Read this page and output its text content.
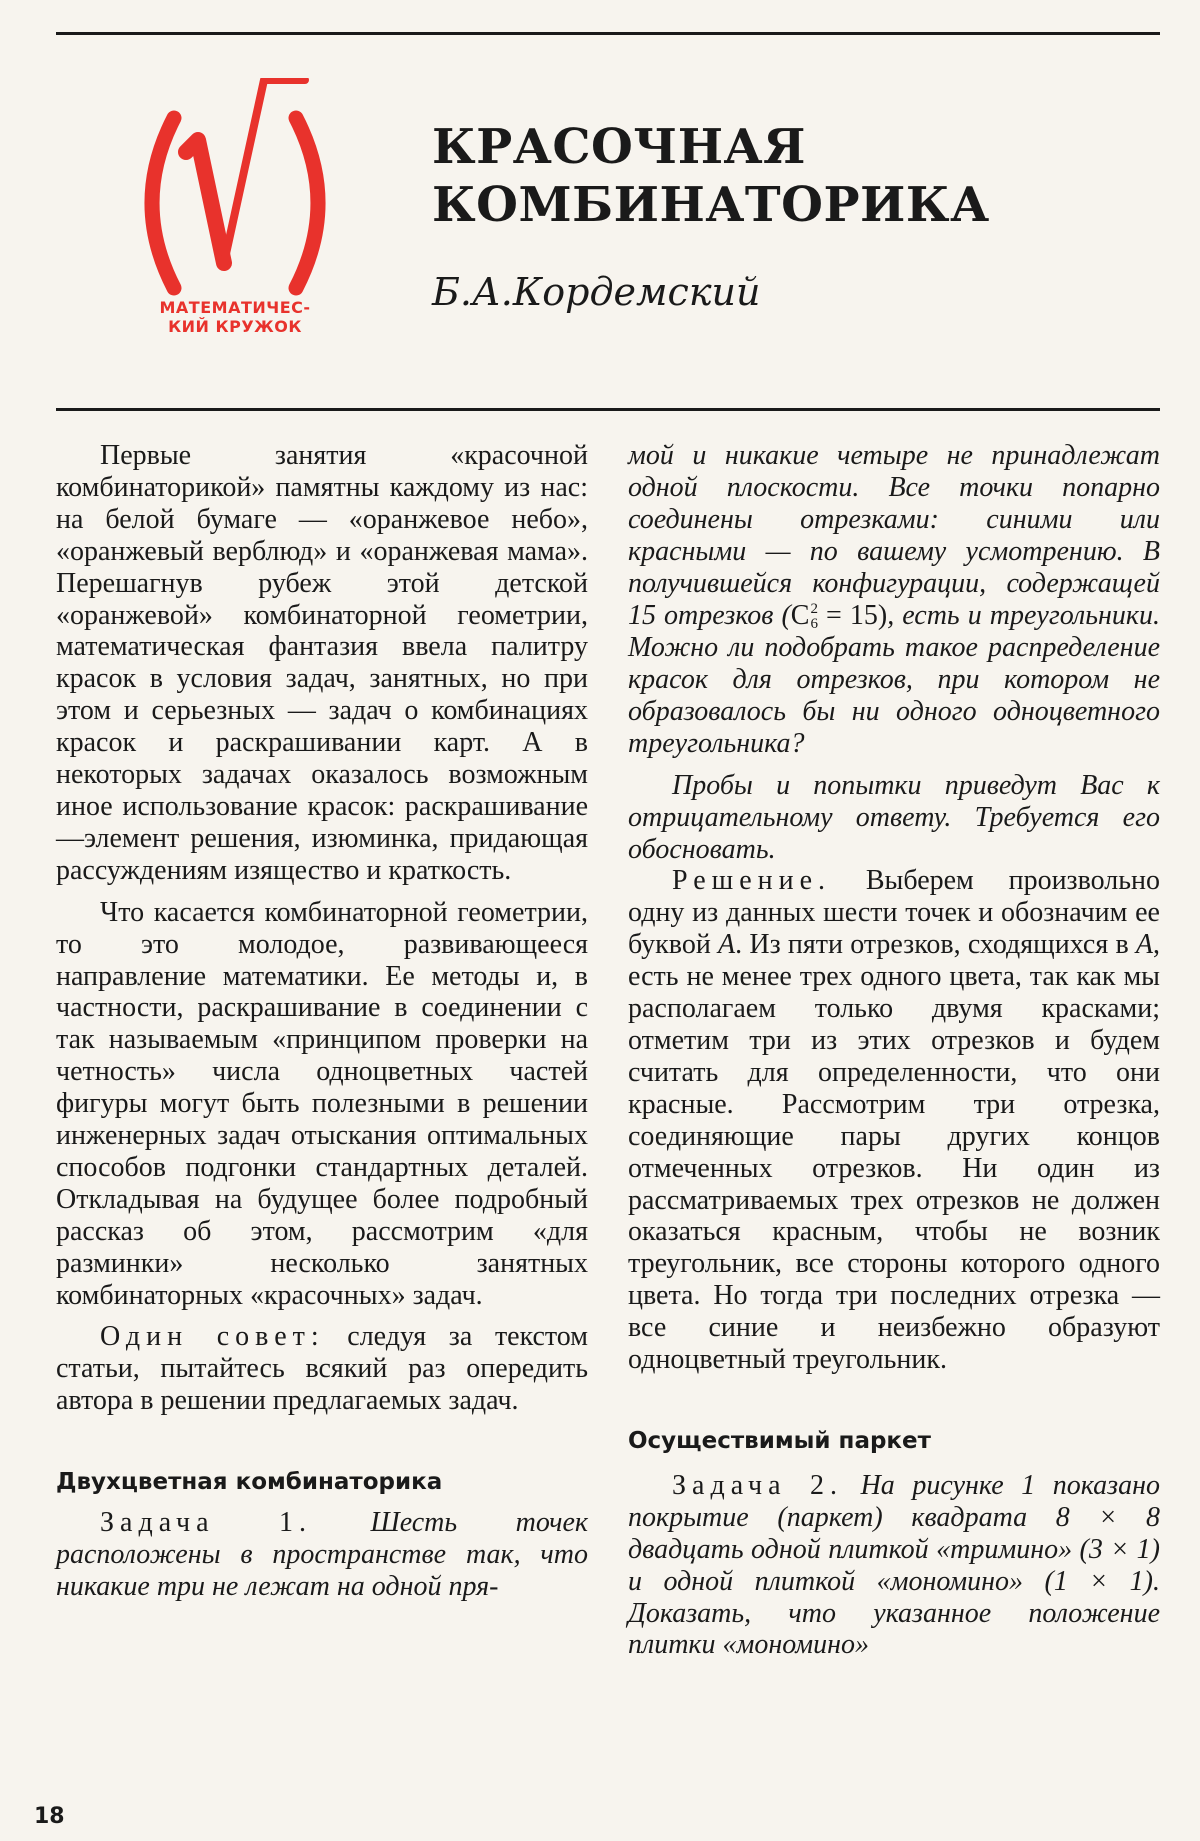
МАТЕМАТИЧЕС-
КИЙ КРУЖОК
КРАСОЧНАЯ
КОМБИНАТОРИКА
Б.А.Кордемский

Первые занятия «красочной комбинаторикой» памятны каждому из нас: на белой бумаге — «оранжевое небо», «оранжевый верблюд» и «оранжевая мама». Перешагнув рубеж этой детской «оранжевой» комбинаторной геометрии, математическая фантазия ввела палитру красок в условия задач, занятных, но при этом и серьезных — задач о комбинациях красок и раскрашивании карт. А в некоторых задачах оказалось возможным иное использование красок: раскрашивание—элемент решения, изюминка, придающая рассуждениям изящество и краткость.

Что касается комбинаторной геометрии, то это молодое, развивающееся направление математики. Ее методы и, в частности, раскрашивание в соединении с так называемым «принципом проверки на четность» числа одноцветных частей фигуры могут быть полезными в решении инженерных задач отыскания оптимальных способов подгонки стандартных деталей. Откладывая на будущее более подробный рассказ об этом, рассмотрим «для разминки» несколько занятных комбинаторных «красочных» задач.

Один совет: следуя за текстом статьи, пытайтесь всякий раз опередить автора в решении предлагаемых задач.

Двухцветная комбинаторика

Задача 1. Шесть точек расположены в пространстве так, что никакие три не лежат на одной пря-

мой и никакие четыре не принадлежат одной плоскости. Все точки попарно соединены отрезками: синими или красными — по вашему усмотрению. В получившейся конфигурации, содержащей 15 отрезков (C 2
6 = 15), есть и треугольники. Можно ли подобрать такое распределение красок для отрезков, при котором не образовалось бы ни одного одноцветного треугольника?

Пробы и попытки приведут Вас к отрицательному ответу. Требуется его обосновать.

Решение. Выберем произвольно одну из данных шести точек и обозначим ее буквой A. Из пяти отрезков, сходящихся в A, есть не менее трех одного цвета, так как мы располагаем только двумя красками; отметим три из этих отрезков и будем считать для определенности, что они красные. Рассмотрим три отрезка, соединяющие пары других концов отмеченных отрезков. Ни один из рассматриваемых трех отрезков не должен оказаться красным, чтобы не возник треугольник, все стороны которого одного цвета. Но тогда три последних отрезка — все синие и неизбежно образуют одноцветный треугольник.

Осуществимый паркет

Задача 2. На рисунке 1 показано покрытие (паркет) квадрата 8 × 8 двадцать одной плиткой «тримино» (3 × 1) и одной плиткой «мономино» (1 × 1). Доказать, что указанное положение плитки «мономино»

18
